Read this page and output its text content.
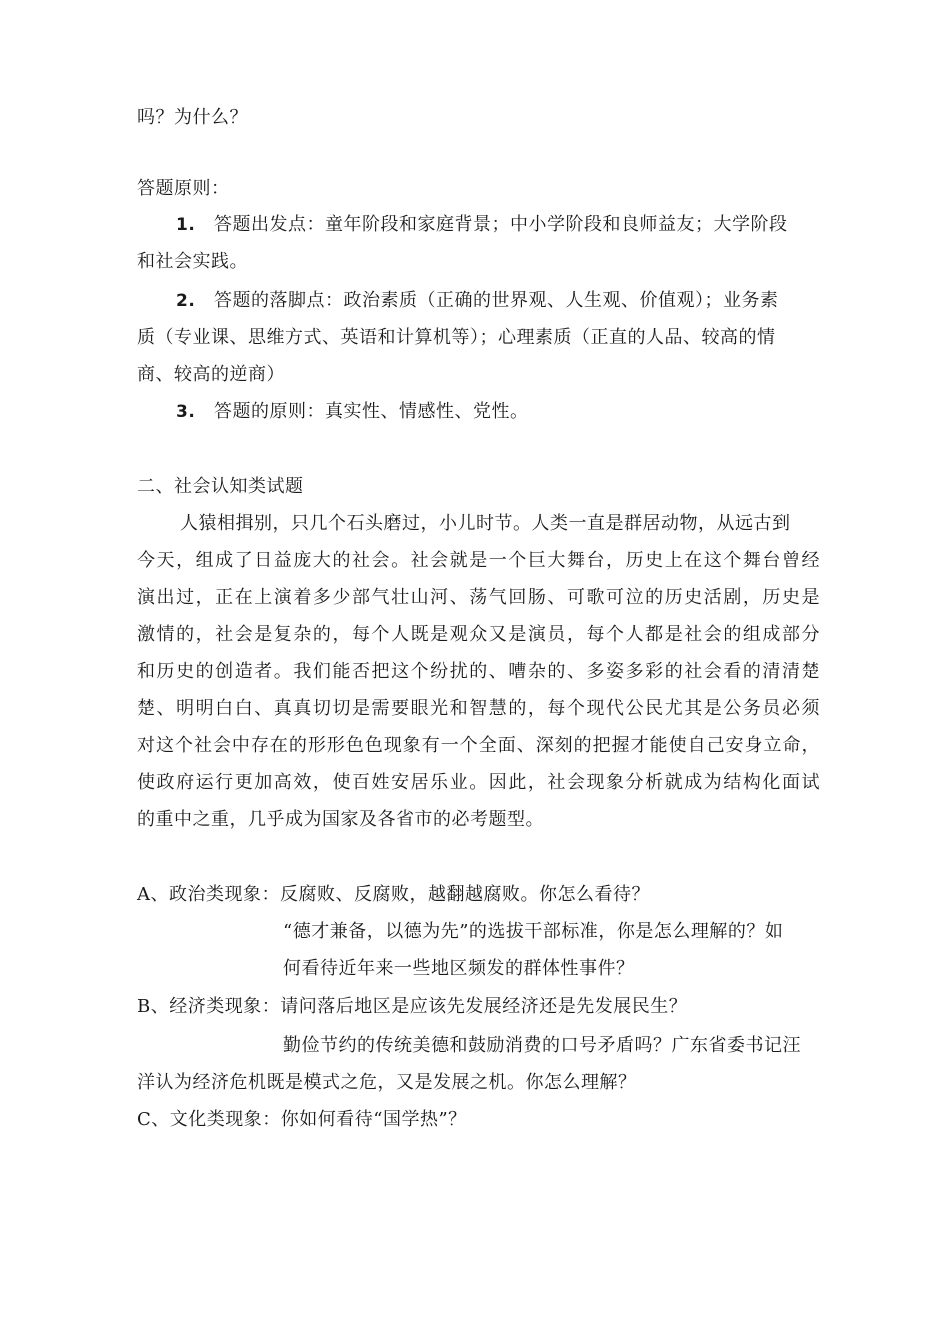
吗？为什么？
答题原则：
1. 答题出发点：童年阶段和家庭背景；中小学阶段和良师益友；大学阶段
和社会实践。
2. 答题的落脚点：政治素质（正确的世界观、人生观、价值观）；业务素
质（专业课、思维方式、英语和计算机等）；心理素质（正直的人品、较高的情
商、较高的逆商）
3. 答题的原则：真实性、情感性、党性。
二、社会认知类试题
人猿相揖别，只几个石头磨过，小儿时节。人类一直是群居动物，从远古到
今天，组成了日益庞大的社会。社会就是一个巨大舞台，历史上在这个舞台曾经
演出过，正在上演着多少部气壮山河、荡气回肠、可歌可泣的历史活剧，历史是
激情的，社会是复杂的，每个人既是观众又是演员，每个人都是社会的组成部分
和历史的创造者。我们能否把这个纷扰的、嘈杂的、多姿多彩的社会看的清清楚
楚、明明白白、真真切切是需要眼光和智慧的，每个现代公民尤其是公务员必须
对这个社会中存在的形形色色现象有一个全面、深刻的把握才能使自己安身立命，
使政府运行更加高效，使百姓安居乐业。因此，社会现象分析就成为结构化面试
的重中之重，几乎成为国家及各省市的必考题型。
A、政治类现象：反腐败、反腐败，越翻越腐败。你怎么看待？
“德才兼备，以德为先”的选拔干部标准，你是怎么理解的？如
何看待近年来一些地区频发的群体性事件？
B、经济类现象：请问落后地区是应该先发展经济还是先发展民生？
勤俭节约的传统美德和鼓励消费的口号矛盾吗？广东省委书记汪
洋认为经济危机既是模式之危，又是发展之机。你怎么理解？
C、文化类现象：你如何看待“国学热”？
